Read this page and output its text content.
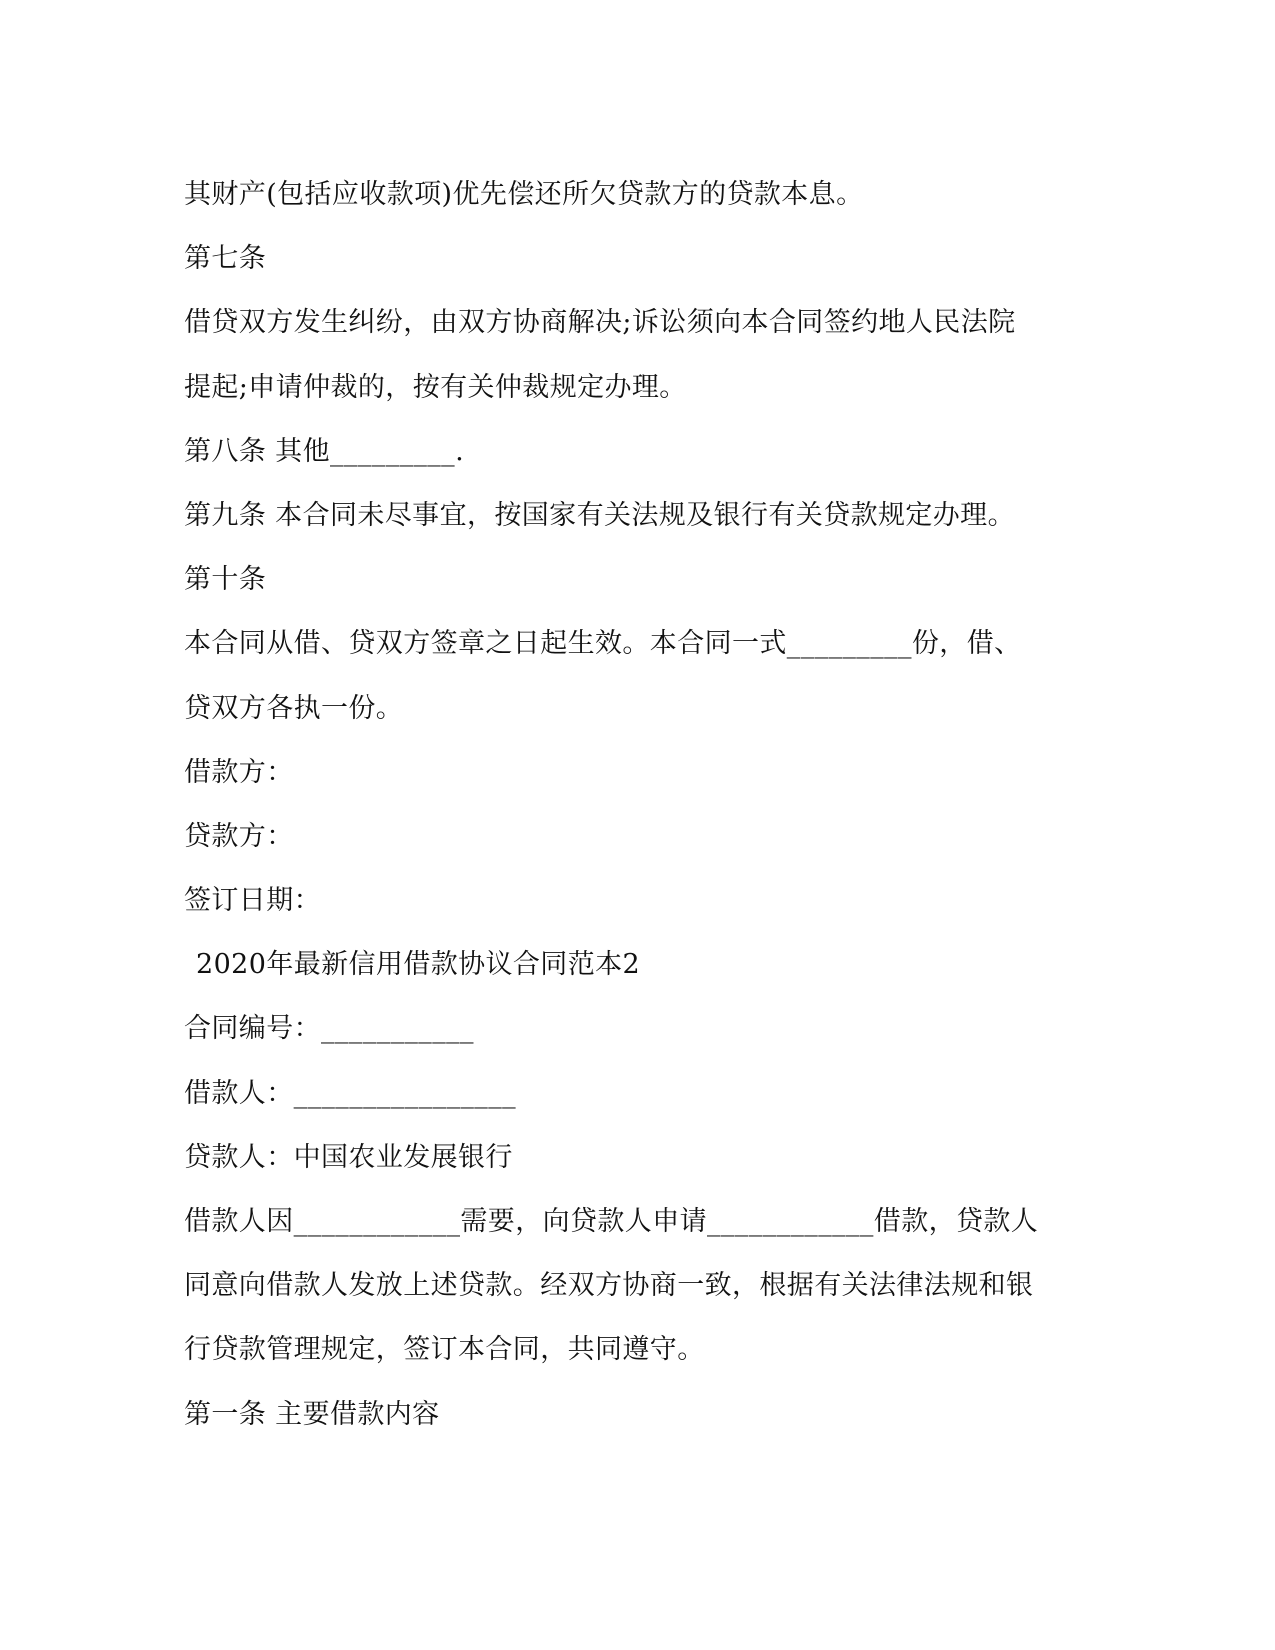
其财产(包括应收款项)优先偿还所欠贷款方的贷款本息。
第七条
借贷双方发生纠纷，由双方协商解决;诉讼须向本合同签约地人民法院
提起;申请仲裁的，按有关仲裁规定办理。
第八条 其他_________.
第九条 本合同未尽事宜，按国家有关法规及银行有关贷款规定办理。
第十条
本合同从借、贷双方签章之日起生效。本合同一式_________份，借、
贷双方各执一份。
借款方：
贷款方：
签订日期：
2020年最新信用借款协议合同范本2
合同编号：___________
借款人：________________
贷款人：中国农业发展银行
借款人因____________需要，向贷款人申请____________借款，贷款人
同意向借款人发放上述贷款。经双方协商一致，根据有关法律法规和银
行贷款管理规定，签订本合同，共同遵守。
第一条 主要借款内容
